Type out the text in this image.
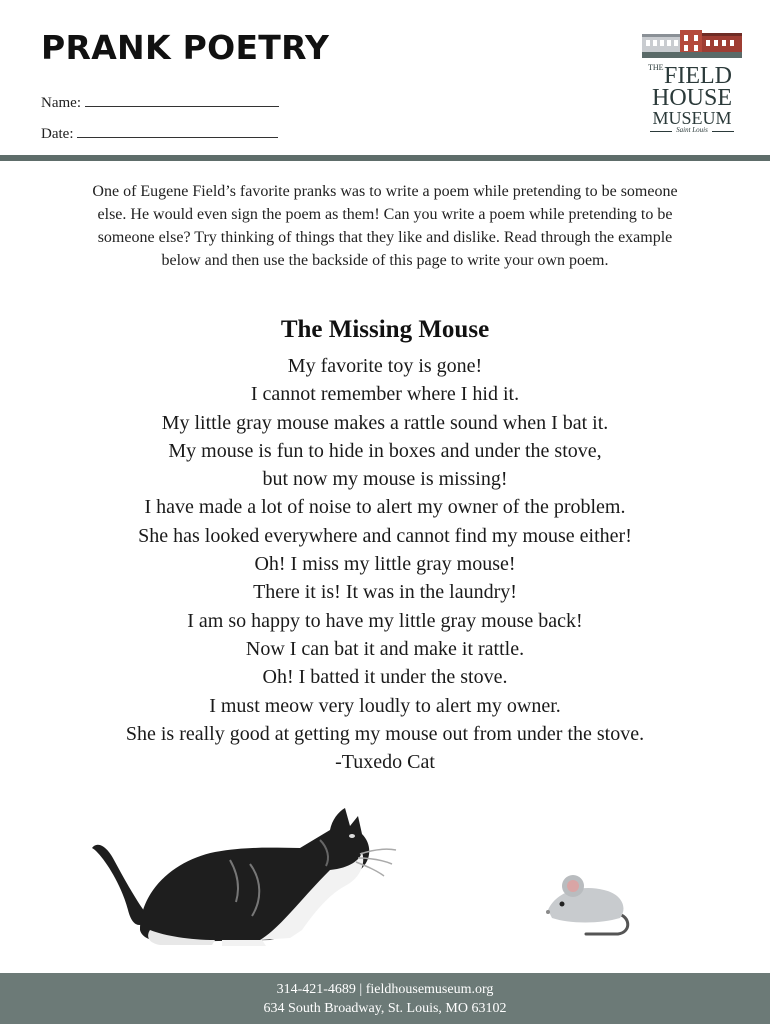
PRANK POETRY
Name:
Date:
THE FIELD
HOUSE
MUSEUM
Saint Louis

One of Eugene Field’s favorite pranks was to write a poem while pretending to be someone else. He would even sign the poem as them! Can you write a poem while pretending to be someone else? Try thinking of things that they like and dislike. Read through the example below and then use the backside of this page to write your own poem.

The Missing Mouse
My favorite toy is gone!
I cannot remember where I hid it.
My little gray mouse makes a rattle sound when I bat it.
My mouse is fun to hide in boxes and under the stove,
but now my mouse is missing!
I have made a lot of noise to alert my owner of the problem.
She has looked everywhere and cannot find my mouse either!
Oh! I miss my little gray mouse!
There it is! It was in the laundry!
I am so happy to have my little gray mouse back!
Now I can bat it and make it rattle.
Oh! I batted it under the stove.
I must meow very loudly to alert my owner.
She is really good at getting my mouse out from under the stove.
-Tuxedo Cat
314-421-4689 | fieldhousemuseum.org
634 South Broadway, St. Louis, MO 63102
